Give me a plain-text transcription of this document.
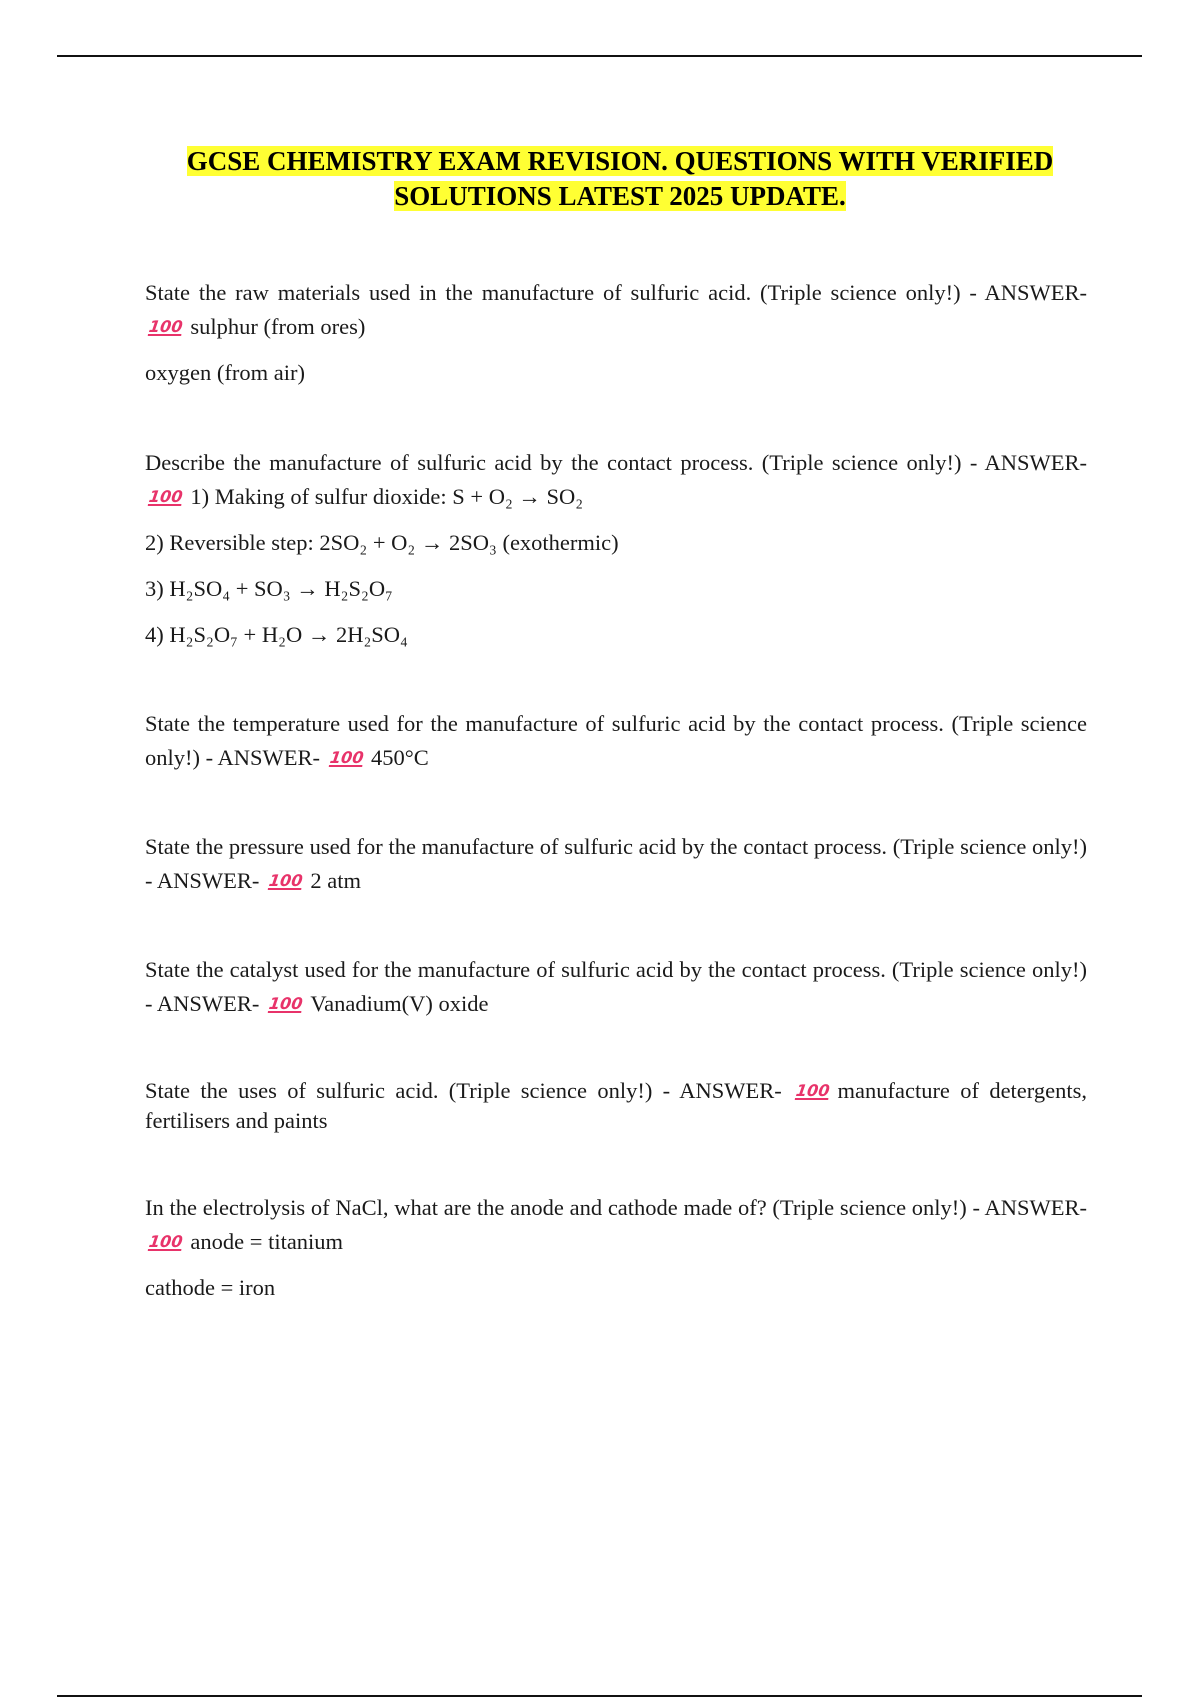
GCSE CHEMISTRY EXAM REVISION. QUESTIONS WITH VERIFIED SOLUTIONS LATEST 2025 UPDATE.

State the raw materials used in the manufacture of sulfuric acid. (Triple science only!) - ANSWER- 100 sulphur (from ores)

oxygen (from air)

Describe the manufacture of sulfuric acid by the contact process. (Triple science only!) - ANSWER- 100 1) Making of sulfur dioxide: S + O₂ → SO₂

2) Reversible step: 2SO₂ + O₂ → 2SO₃ (exothermic)

3) H₂SO₄ + SO₃ → H₂S₂O₇

4) H₂S₂O₇ + H₂O → 2H₂SO₄

State the temperature used for the manufacture of sulfuric acid by the contact process. (Triple science only!) - ANSWER- 100 450°C

State the pressure used for the manufacture of sulfuric acid by the contact process. (Triple science only!) - ANSWER- 100 2 atm

State the catalyst used for the manufacture of sulfuric acid by the contact process. (Triple science only!) - ANSWER- 100 Vanadium(V) oxide

State the uses of sulfuric acid. (Triple science only!) - ANSWER- 100 manufacture of detergents, fertilisers and paints

In the electrolysis of NaCl, what are the anode and cathode made of? (Triple science only!) - ANSWER- 100 anode = titanium

cathode = iron
